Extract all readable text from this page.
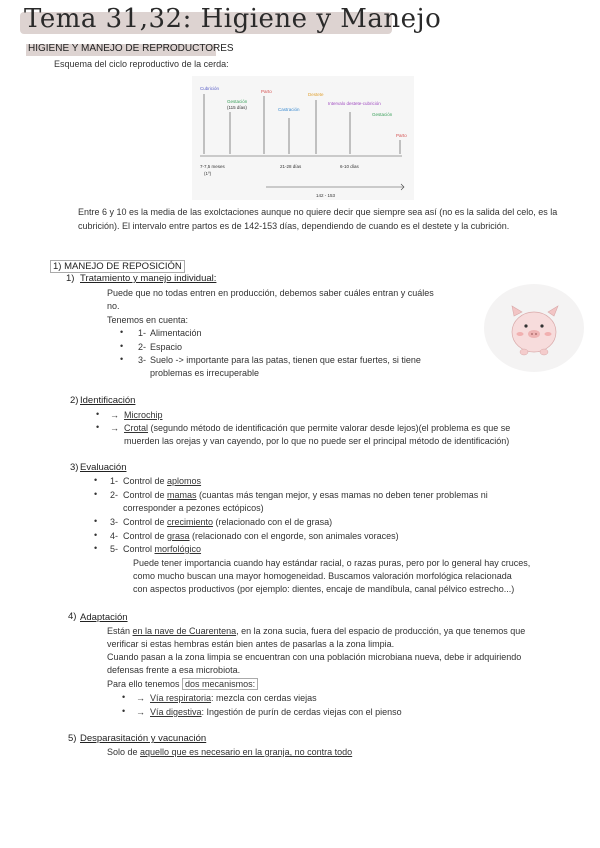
Tema 31,32: Higiene y Manejo
HIGIENE Y MANEJO DE REPRODUCTORES
Esquema del ciclo reproductivo de la cerda:
Cubrición
Gestación
(115 días)
Parto
Castración
Destete
Intervalo destete-cubrición
Gestación
Parto
7-7,5 meses
(1º)
21-28 días	6-10 días
142 - 153
Entre 6 y 10 es la media de las exolctaciones aunque no quiere decir que siempre sea así (no es la salida del celo, es la cubrición). El intervalo entre partos es de 142-153 días, dependiendo de cuando es el destete y la cubrición.
1) MANEJO DE REPOSICIÓN
1) Tratamiento y manejo individual:
Puede que no todas entren en producción, debemos saber cuáles entran y cuáles
no.
Tenemos en cuenta:
• 1- Alimentación
• 2- Espacio
• 3- Suelo -> importante para las patas, tienen que estar fuertes, si tiene
problemas es irrecuperable
2) Identificación
• → Microchip
• → Crotal (segundo método de identificación que permite valorar desde lejos)(el problema es que se
muerden las orejas y van cayendo, por lo que no puede ser el principal método de identificación)
3) Evaluación
• 1- Control de aplomos
• 2- Control de mamas (cuantas más tengan mejor, y esas mamas no deben tener problemas ni
corresponder a pezones ectópicos)
• 3- Control de crecimiento (relacionado con el de grasa)
• 4- Control de grasa (relacionado con el engorde, son animales voraces)
• 5- Control morfológico
Puede tener importancia cuando hay estándar racial, o razas puras, pero por lo general hay cruces,
como mucho buscan una mayor homogeneidad. Buscamos valoración morfológica relacionada
con aspectos productivos (por ejemplo: dientes, encaje de mandíbula, canal pélvico estrecho...)
4) Adaptación
Están en la nave de Cuarentena, en la zona sucia, fuera del espacio de producción, ya que tenemos que
verificar si estas hembras están bien antes de pasarlas a la zona limpia.
Cuando pasan a la zona limpia se encuentran con una población microbiana nueva, debe ir adquiriendo
defensas frente a esa microbiota.
Para ello tenemos dos mecanismos:
• → Vía respiratoria: mezcla con cerdas viejas
• → Vía digestiva: Ingestión de purín de cerdas viejas con el pienso
5) Desparasitación y vacunación
Solo de aquello que es necesario en la granja, no contra todo
